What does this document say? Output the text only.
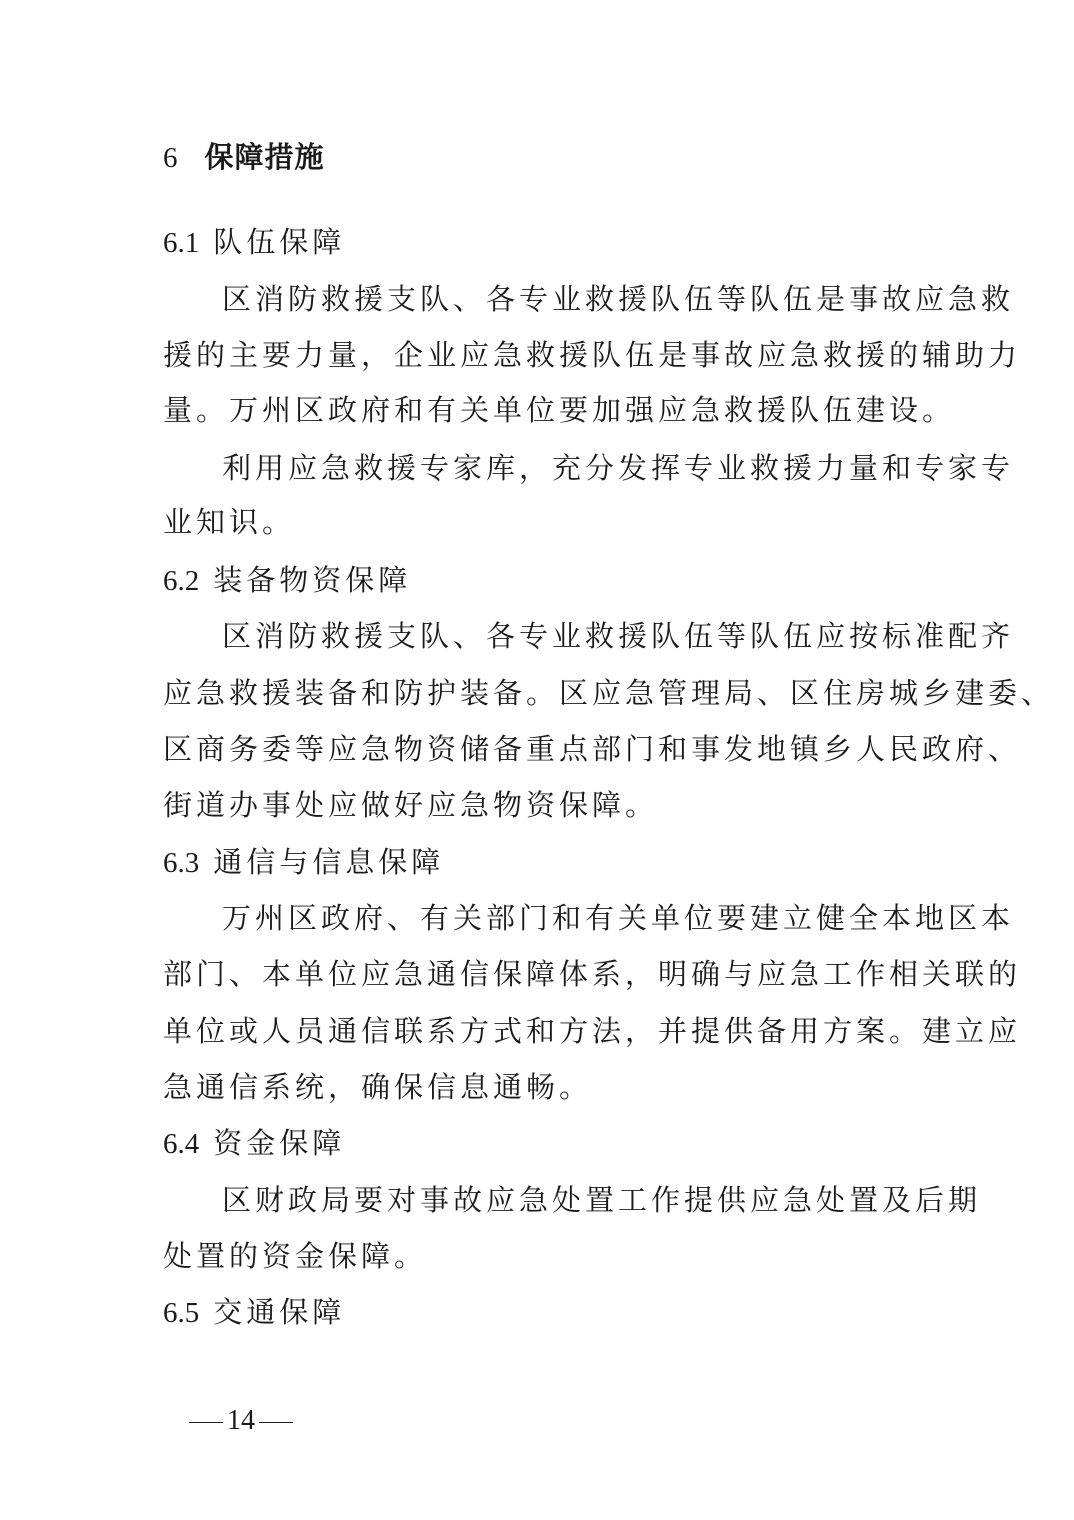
6 保障措施
6.1 队伍保障
区消防救援支队、各专业救援队伍等队伍是事故应急救
援的主要力量，企业应急救援队伍是事故应急救援的辅助力
量。万州区政府和有关单位要加强应急救援队伍建设。
利用应急救援专家库，充分发挥专业救援力量和专家专
业知识。
6.2 装备物资保障
区消防救援支队、各专业救援队伍等队伍应按标准配齐
应急救援装备和防护装备。区应急管理局、区住房城乡建委、
区商务委等应急物资储备重点部门和事发地镇乡人民政府、
街道办事处应做好应急物资保障。
6.3 通信与信息保障
万州区政府、有关部门和有关单位要建立健全本地区本
部门、本单位应急通信保障体系，明确与应急工作相关联的
单位或人员通信联系方式和方法，并提供备用方案。建立应
急通信系统，确保信息通畅。
6.4 资金保障
区财政局要对事故应急处置工作提供应急处置及后期
处置的资金保障。
6.5 交通保障
14
